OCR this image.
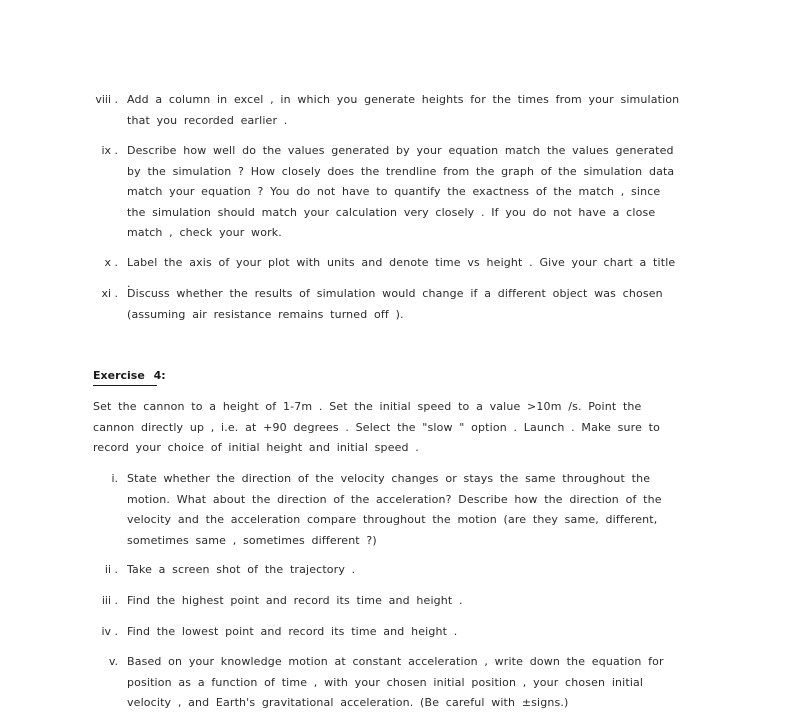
viii . Add a column in excel , in which you generate heights for the times from your simulation that you recorded earlier .
ix . Describe how well do the values generated by your equation match the values generated by the simulation ? How closely does the trendline from the graph of the simulation data match your equation ? You do not have to quantify the exactness of the match , since the simulation should match your calculation very closely . If you do not have a close match , check your work.
x . Label the axis of your plot with units and denote time vs height . Give your chart a title .
xi . Discuss whether the results of simulation would change if a different object was chosen (assuming air resistance remains turned off ).
Exercise 4:
Set the cannon to a height of 1-7m . Set the initial speed to a value >10m /s. Point the cannon directly up , i.e. at +90 degrees . Select the "slow " option . Launch . Make sure to record your choice of initial height and initial speed .
i. State whether the direction of the velocity changes or stays the same throughout the motion. What about the direction of the acceleration? Describe how the direction of the velocity and the acceleration compare throughout the motion (are they same, different, sometimes same , sometimes different ?)
ii . Take a screen shot of the trajectory .
iii . Find the highest point and record its time and height .
iv . Find the lowest point and record its time and height .
v. Based on your knowledge motion at constant acceleration , write down the equation for position as a function of time , with your chosen initial position , your chosen initial velocity , and Earth's gravitational acceleration. (Be careful with ±signs.)
